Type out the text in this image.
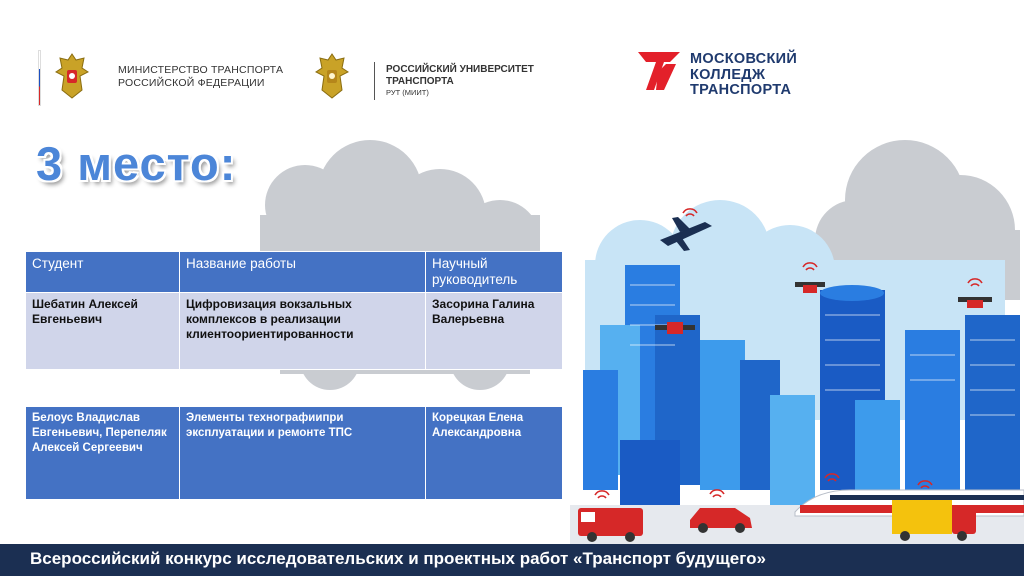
МИНИСТЕРСТВО ТРАНСПОРТА
РОССИЙСКОЙ ФЕДЕРАЦИИ
РОССИЙСКИЙ УНИВЕРСИТЕТ
ТРАНСПОРТА
РУТ (МИИТ)
МОСКОВСКИЙ
КОЛЛЕДЖ
ТРАНСПОРТА
3 место:
Студент	Название работы	Научный руководитель
Шебатин Алексей Евгеньевич	Цифровизация вокзальных комплексов в реализации клиентоориентированности	Засорина Галина Валерьевна
Белоус Владислав Евгеньевич, Перепеляк Алексей Сергеевич	Элементы техногрaфиипри эксплуатации и ремонте ТПС	Корецкая Елена Александровна
Всероссийский конкурс исследовательских и проектных работ «Транспорт будущего»
